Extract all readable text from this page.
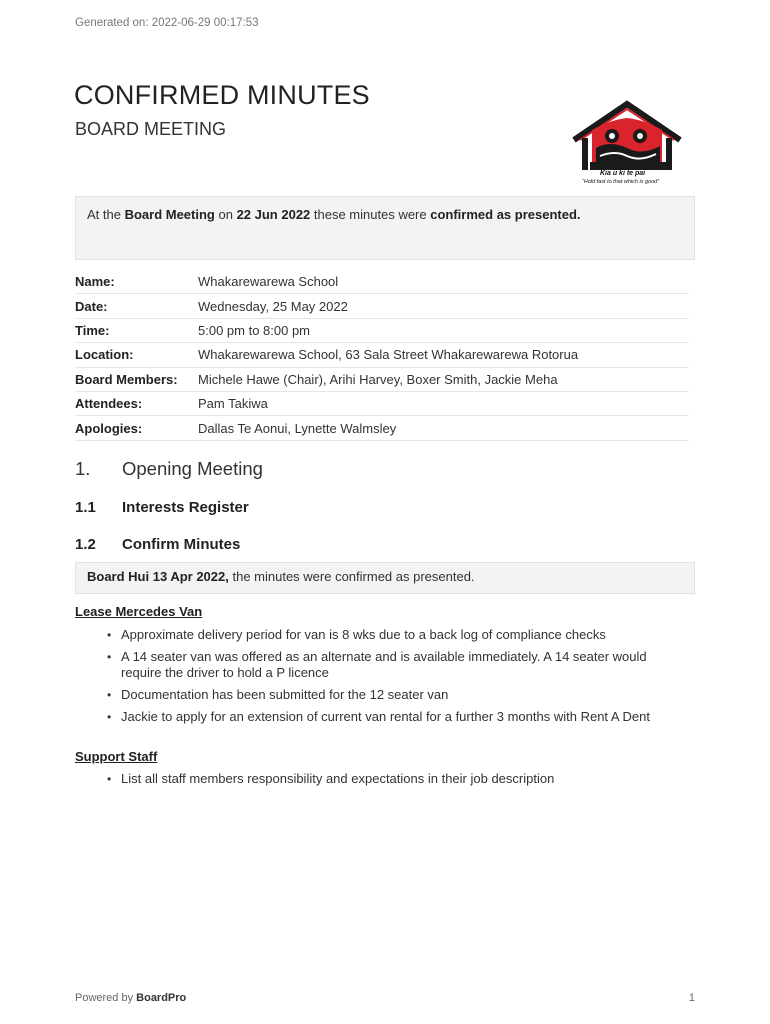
Generated on: 2022-06-29 00:17:53
CONFIRMED MINUTES
BOARD MEETING
Kia u ki te pai
“Hold fast to that which is good”
At the Board Meeting on 22 Jun 2022 these minutes were confirmed as presented.
Name:	Whakarewarewa School
Date:	Wednesday, 25 May 2022
Time:	5:00 pm to 8:00 pm
Location:	Whakarewarewa School, 63 Sala Street Whakarewarewa Rotorua
Board Members:	Michele Hawe (Chair), Arihi Harvey, Boxer Smith, Jackie Meha
Attendees:	Pam Takiwa
Apologies:	Dallas Te Aonui, Lynette Walmsley
1. Opening Meeting
1.1 Interests Register
1.2 Confirm Minutes
Board Hui 13 Apr 2022, the minutes were confirmed as presented.
Lease Mercedes Van
• Approximate delivery period for van is 8 wks due to a back log of compliance checks
• A 14 seater van was offered as an alternate and is available immediately. A 14 seater would require the driver to hold a P licence
• Documentation has been submitted for the 12 seater van
• Jackie to apply for an extension of current van rental for a further 3 months with Rent A Dent
Support Staff
• List all staff members responsibility and expectations in their job description
Powered by BoardPro	1
